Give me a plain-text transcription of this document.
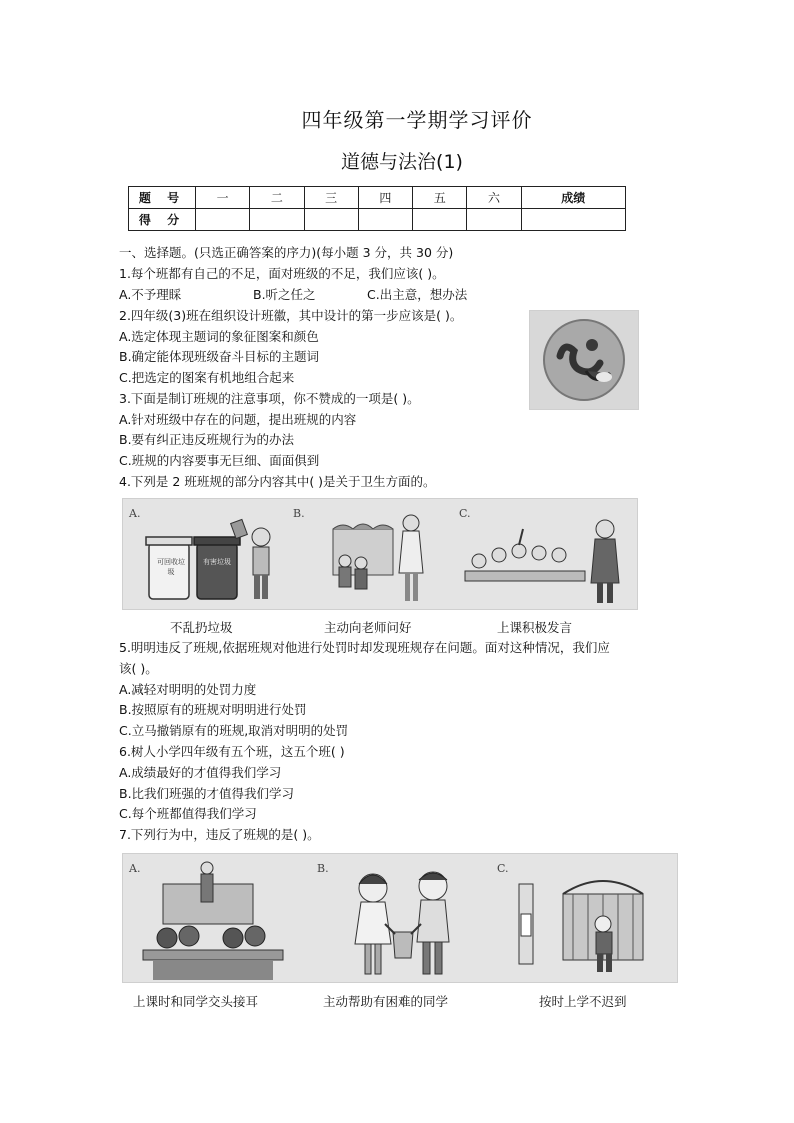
四年级第一学期学习评价
道德与法治(1)
题 号	一	二	三	四	五	六	成绩
得 分							
一、选择题。(只选正确答案的序力)(每小题 3 分，共 30 分)
1.每个班都有自己的不足，面对班级的不足，我们应该( )。
A.不予理睬	B.听之任之	C.出主意，想办法
2.四年级(3)班在组织设计班徽，其中设计的第一步应该是( )。
A.选定体现主题词的象征图案和颜色
B.确定能体现班级奋斗目标的主题词
C.把选定的图案有机地组合起来
3.下面是制订班规的注意事项，你不赞成的一项是( )。
A.针对班级中存在的问题，提出班规的内容
B.要有纠正违反班规行为的办法
C.班规的内容要事无巨细、面面俱到
4.下列是 2 班班规的部分内容其中( )是关于卫生方面的。
A.
可回收垃圾
有害垃圾
B.	C.
不乱扔垃圾	主动向老师问好	上课积极发言
5.明明违反了班规,依据班规对他进行处罚时却发现班规存在问题。面对这种情况，我们应
该( )。
A.减轻对明明的处罚力度
B.按照原有的班规对明明进行处罚
C.立马撤销原有的班规,取消对明明的处罚
6.树人小学四年级有五个班，这五个班( )
A.成绩最好的才值得我们学习
B.比我们班强的才值得我们学习
C.每个班都值得我们学习
7.下列行为中，违反了班规的是( )。
A.	B.	C.
上课时和同学交头接耳	主动帮助有困难的同学	按时上学不迟到
